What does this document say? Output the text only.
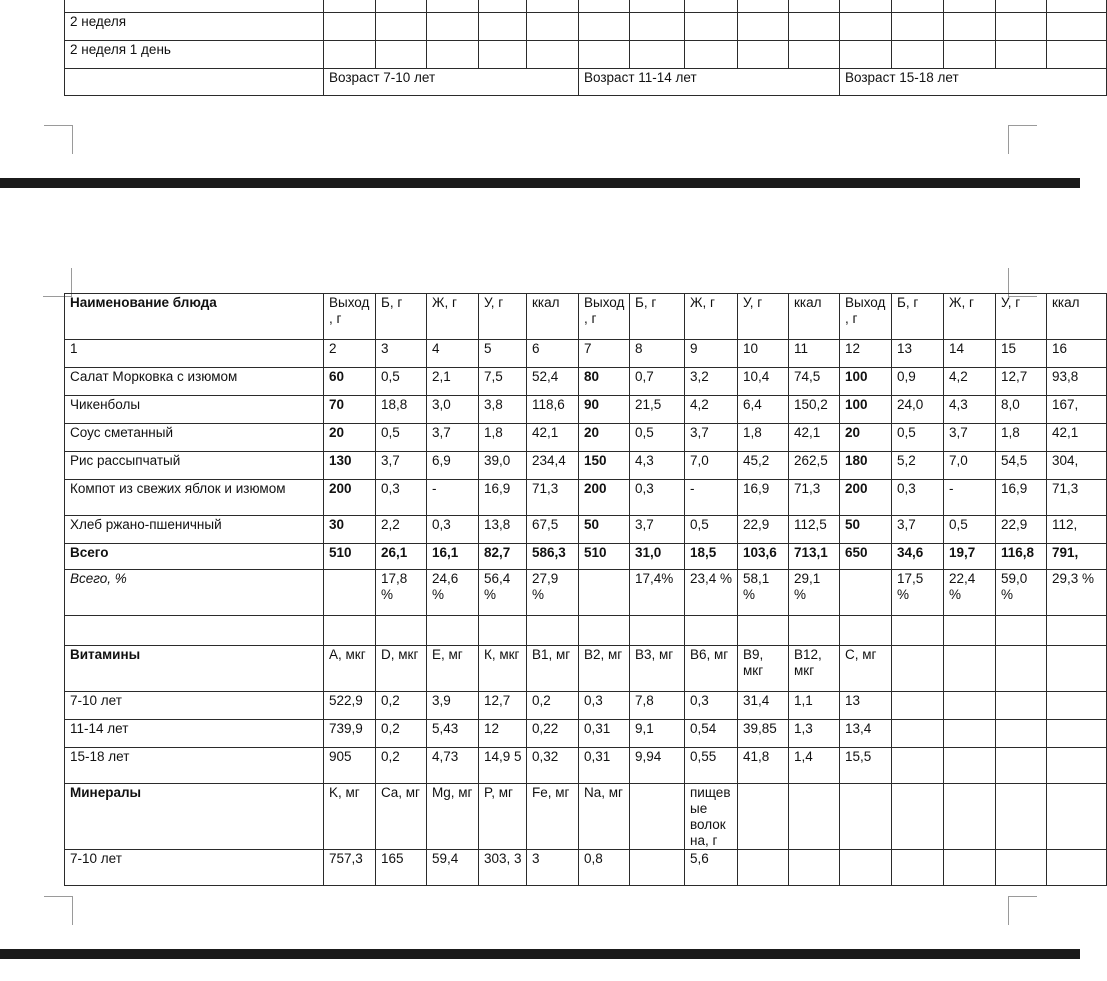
2 неделя															
2 неделя 1 день															
	Возраст 7-10 лет					Возраст 11-14 лет					Возраст 15-18 лет				
Наименование блюда	Выход, г	Б, г	Ж, г	У, г	ккал	Выход, г	Б, г	Ж, г	У, г	ккал	Выход, г	Б, г	Ж, г	У, г	ккал
1	2	3	4	5	6	7	8	9	10	11	12	13	14	15	16
Салат Морковка с изюмом	60	0,5	2,1	7,5	52,4	80	0,7	3,2	10,4	74,5	100	0,9	4,2	12,7	93,8
Чикенболы	70	18,8	3,0	3,8	118,6	90	21,5	4,2	6,4	150,2	100	24,0	4,3	8,0	167,
Соус сметанный	20	0,5	3,7	1,8	42,1	20	0,5	3,7	1,8	42,1	20	0,5	3,7	1,8	42,1
Рис рассыпчатый	130	3,7	6,9	39,0	234,4	150	4,3	7,0	45,2	262,5	180	5,2	7,0	54,5	304,
Компот из свежих яблок и изюмом	200	0,3	-	16,9	71,3	200	0,3	-	16,9	71,3	200	0,3	-	16,9	71,3
Хлеб ржано-пшеничный	30	2,2	0,3	13,8	67,5	50	3,7	0,5	22,9	112,5	50	3,7	0,5	22,9	112,
Всего	510	26,1	16,1	82,7	586,3	510	31,0	18,5	103,6	713,1	650	34,6	19,7	116,8	791,
Всего, %		17,8 %	24,6 %	56,4 %	27,9 %		17,4%	23,4 %	58,1 %	29,1 %		17,5 %	22,4 %	59,0 %	29,3 %

Витамины	А, мкг	D, мкг	Е, мг	К, мкг	В1, мг	В2, мг	В3, мг	В6, мг	В9, мкг	В12, мкг	С, мг				
7-10 лет	522,9	0,2	3,9	12,7	0,2	0,3	7,8	0,3	31,4	1,1	13				
11-14 лет	739,9	0,2	5,43	12	0,22	0,31	9,1	0,54	39,85	1,3	13,4				
15-18 лет	905	0,2	4,73	14,9 5	0,32	0,31	9,94	0,55	41,8	1,4	15,5				
Минералы	K, мг	Ca, мг	Mg, мг	P, мг	Fe, мг	Na, мг		пищевые волокна, г							
7-10 лет	757,3	165	59,4	303, 3	3	0,8		5,6							
